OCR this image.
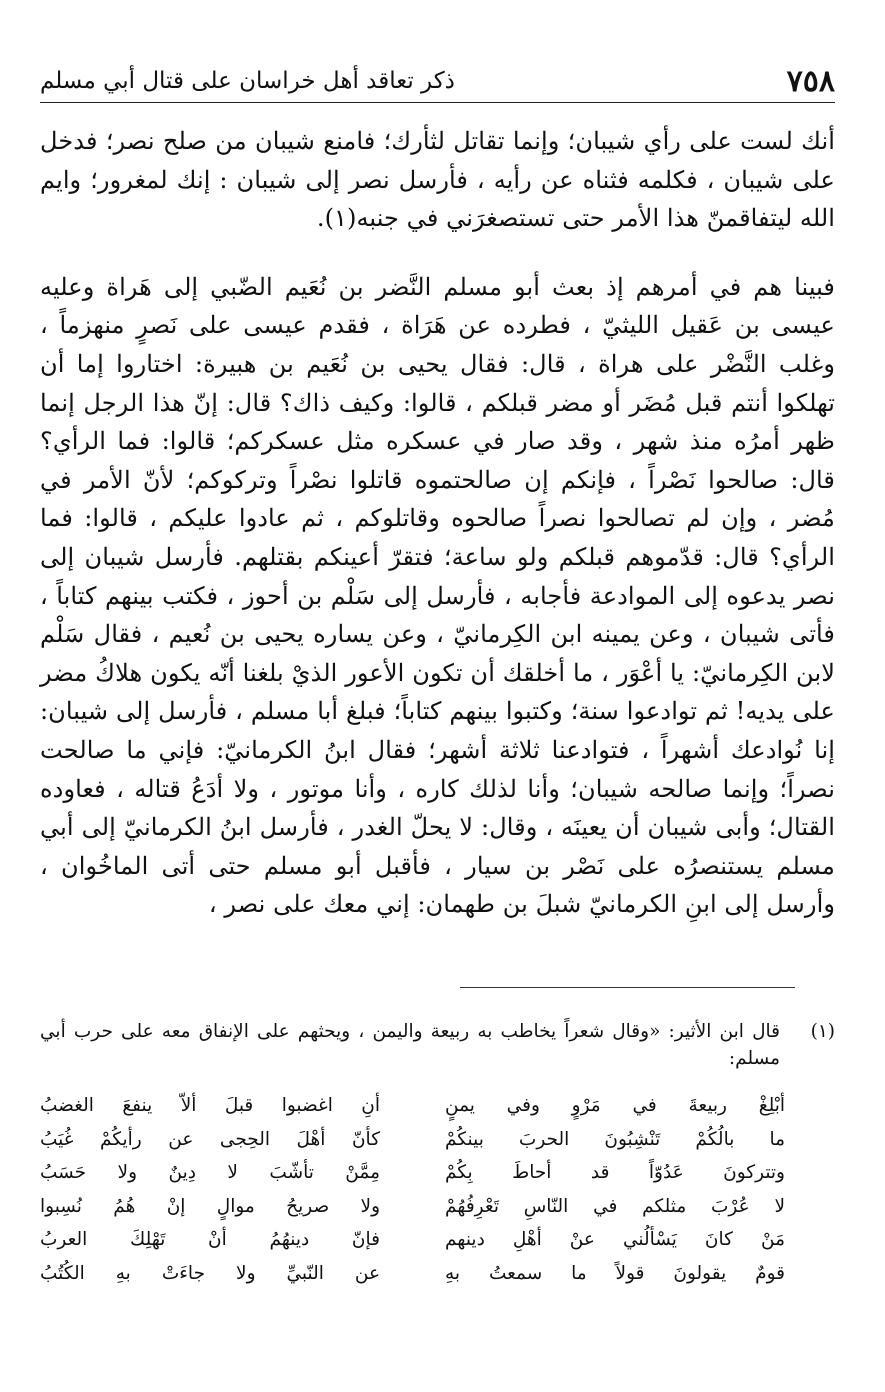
٧٥٨
ذكر تعاقد أهل خراسان على قتال أبي مسلم

أنك لست على رأي شيبان؛ وإنما تقاتل لثأرك؛ فامنع شيبان من صلح نصر؛ فدخل على شيبان ، فكلمه فثناه عن رأيه ، فأرسل نصر إلى شيبان : إنك لمغرور؛ وايم الله ليتفاقمنّ هذا الأمر حتى تستصغرَني في جنبه(١).

فبينا هم في أمرهم إذ بعث أبو مسلم النَّضر بن نُعَيم الضّبي إلى هَراة وعليه عيسى بن عَقيل الليثيّ ، فطرده عن هَرَاة ، فقدم عيسى على نَصرٍ منهزماً ، وغلب النَّضْر على هراة ، قال: فقال يحيى بن نُعَيم بن هبيرة: اختاروا إما أن تهلكوا أنتم قبل مُضَر أو مضر قبلكم ، قالوا: وكيف ذاك؟ قال: إنّ هذا الرجل إنما ظهر أمرُه منذ شهر ، وقد صار في عسكره مثل عسكركم؛ قالوا: فما الرأي؟ قال: صالحوا نَصْراً ، فإنكم إن صالحتموه قاتلوا نصْراً وتركوكم؛ لأنّ الأمر في مُضر ، وإن لم تصالحوا نصراً صالحوه وقاتلوكم ، ثم عادوا عليكم ، قالوا: فما الرأي؟ قال: قدّموهم قبلكم ولو ساعة؛ فتقرّ أعينكم بقتلهم. فأرسل شيبان إلى نصر يدعوه إلى الموادعة فأجابه ، فأرسل إلى سَلْم بن أحوز ، فكتب بينهم كتاباً ، فأتى شيبان ، وعن يمينه ابن الكِرمانيّ ، وعن يساره يحيى بن نُعيم ، فقال سَلْم لابن الكِرمانيّ: يا أعْوَر ، ما أخلقك أن تكون الأعور الذيْ بلغنا أنّه يكون هلاكُ مضر على يديه! ثم توادعوا سنة؛ وكتبوا بينهم كتاباً؛ فبلغ أبا مسلم ، فأرسل إلى شيبان: إنا نُوادعك أشهراً ، فتوادعنا ثلاثة أشهر؛ فقال ابنُ الكرمانيّ: فإني ما صالحت نصراً؛ وإنما صالحه شيبان؛ وأنا لذلك كاره ، وأنا موتور ، ولا أدَعُ قتاله ، فعاوده القتال؛ وأبى شيبان أن يعينَه ، وقال: لا يحلّ الغدر ، فأرسل ابنُ الكرمانيّ إلى أبي مسلم يستنصرُه على نَصْر بن سيار ، فأقبل أبو مسلم حتى أتى الماخُوان ، وأرسل إلى ابنِ الكرمانيّ شبلَ بن طهمان: إني معك على نصر ،

(١)
قال ابن الأثير: «وقال شعراً يخاطب به ربيعة واليمن ، ويحثهم على الإنفاق معه على حرب أبي مسلم:
أبْلِغْ ربيعةَ في مَرْوٍ وفي يمنٍ
أنِ اغضبوا قبلَ ألاّ ينفعَ الغضبُ
ما بالُكُمْ تَنْشِبُونَ الحربَ بينكُمْ
كأنّ أهْلَ الحِجى عن رأيكُمْ غُيَبُ
وتتركونَ عَدُوّاً قد أحاطَ بِكُمْ
مِمَّنْ تأشّبَ لا دِينٌ ولا حَسَبُ
لا عُرْبَ مثلكم في النّاسِ تَعْرِفُهُمْ
ولا صريحُ موالٍ إنْ هُمُ نُسِبوا
مَنْ كانَ يَسْألُني عنْ أهْلِ دينهم
فإنّ دينهُمُ أنْ تَهْلِكَ العربُ
قومٌ يقولونَ قولاً ما سمعتُ بهِ
عن النّبيِّ ولا جاءَتْ بهِ الكُتُبُ
